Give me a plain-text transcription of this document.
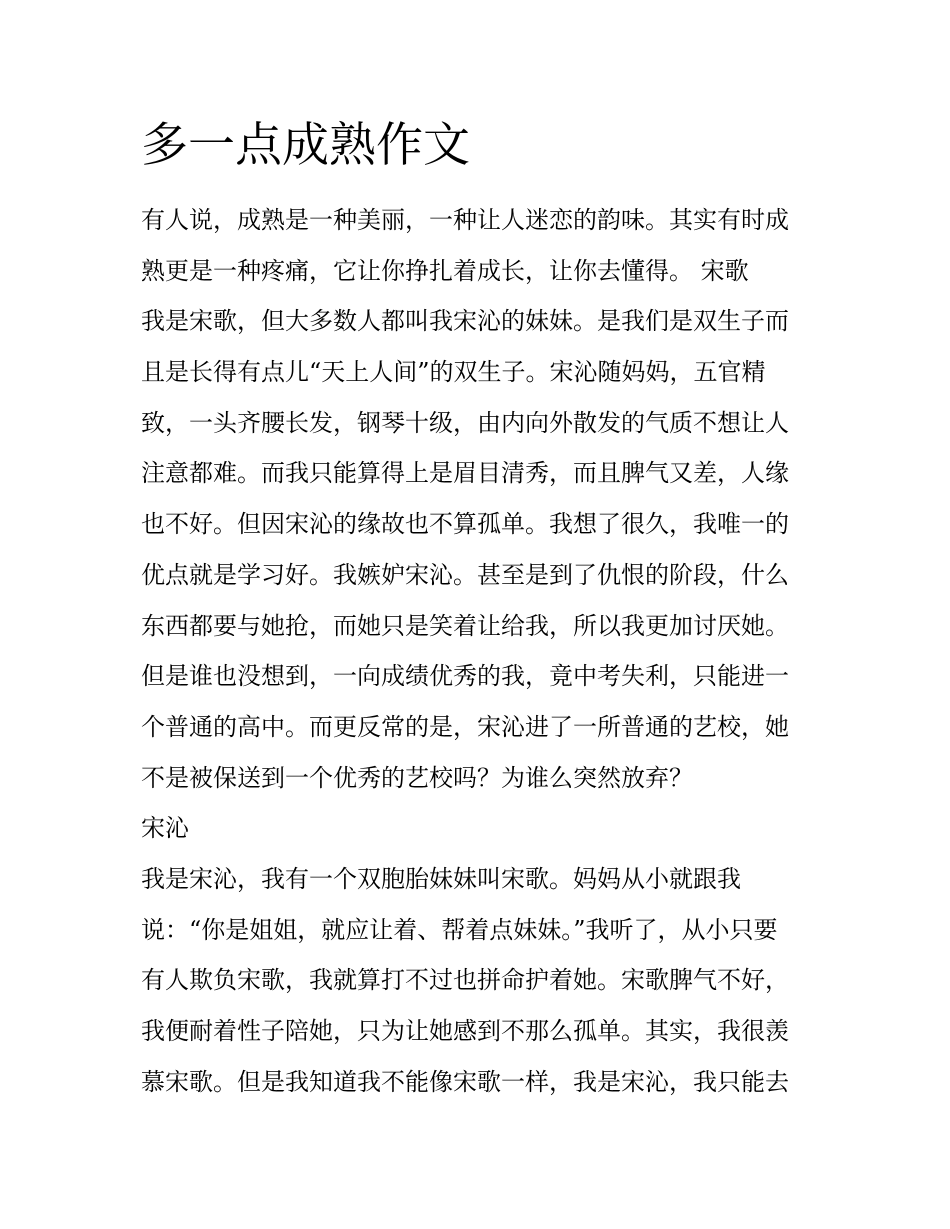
多一点成熟作文
有人说，成熟是一种美丽，一种让人迷恋的韵味。其实有时成
熟更是一种疼痛，它让你挣扎着成长，让你去懂得。 宋歌
我是宋歌，但大多数人都叫我宋沁的妹妹。是我们是双生子而
且是长得有点儿“天上人间”的双生子。宋沁随妈妈，五官精
致，一头齐腰长发，钢琴十级，由内向外散发的气质不想让人
注意都难。而我只能算得上是眉目清秀，而且脾气又差，人缘
也不好。但因宋沁的缘故也不算孤单。我想了很久，我唯一的
优点就是学习好。我嫉妒宋沁。甚至是到了仇恨的阶段，什么
东西都要与她抢，而她只是笑着让给我，所以我更加讨厌她。
但是谁也没想到，一向成绩优秀的我，竟中考失利，只能进一
个普通的高中。而更反常的是，宋沁进了一所普通的艺校，她
不是被保送到一个优秀的艺校吗？为谁么突然放弃？
宋沁
我是宋沁，我有一个双胞胎妹妹叫宋歌。妈妈从小就跟我
说：“你是姐姐，就应让着、帮着点妹妹。”我听了，从小只要
有人欺负宋歌，我就算打不过也拼命护着她。宋歌脾气不好，
我便耐着性子陪她，只为让她感到不那么孤单。其实，我很羡
慕宋歌。但是我知道我不能像宋歌一样，我是宋沁，我只能去
